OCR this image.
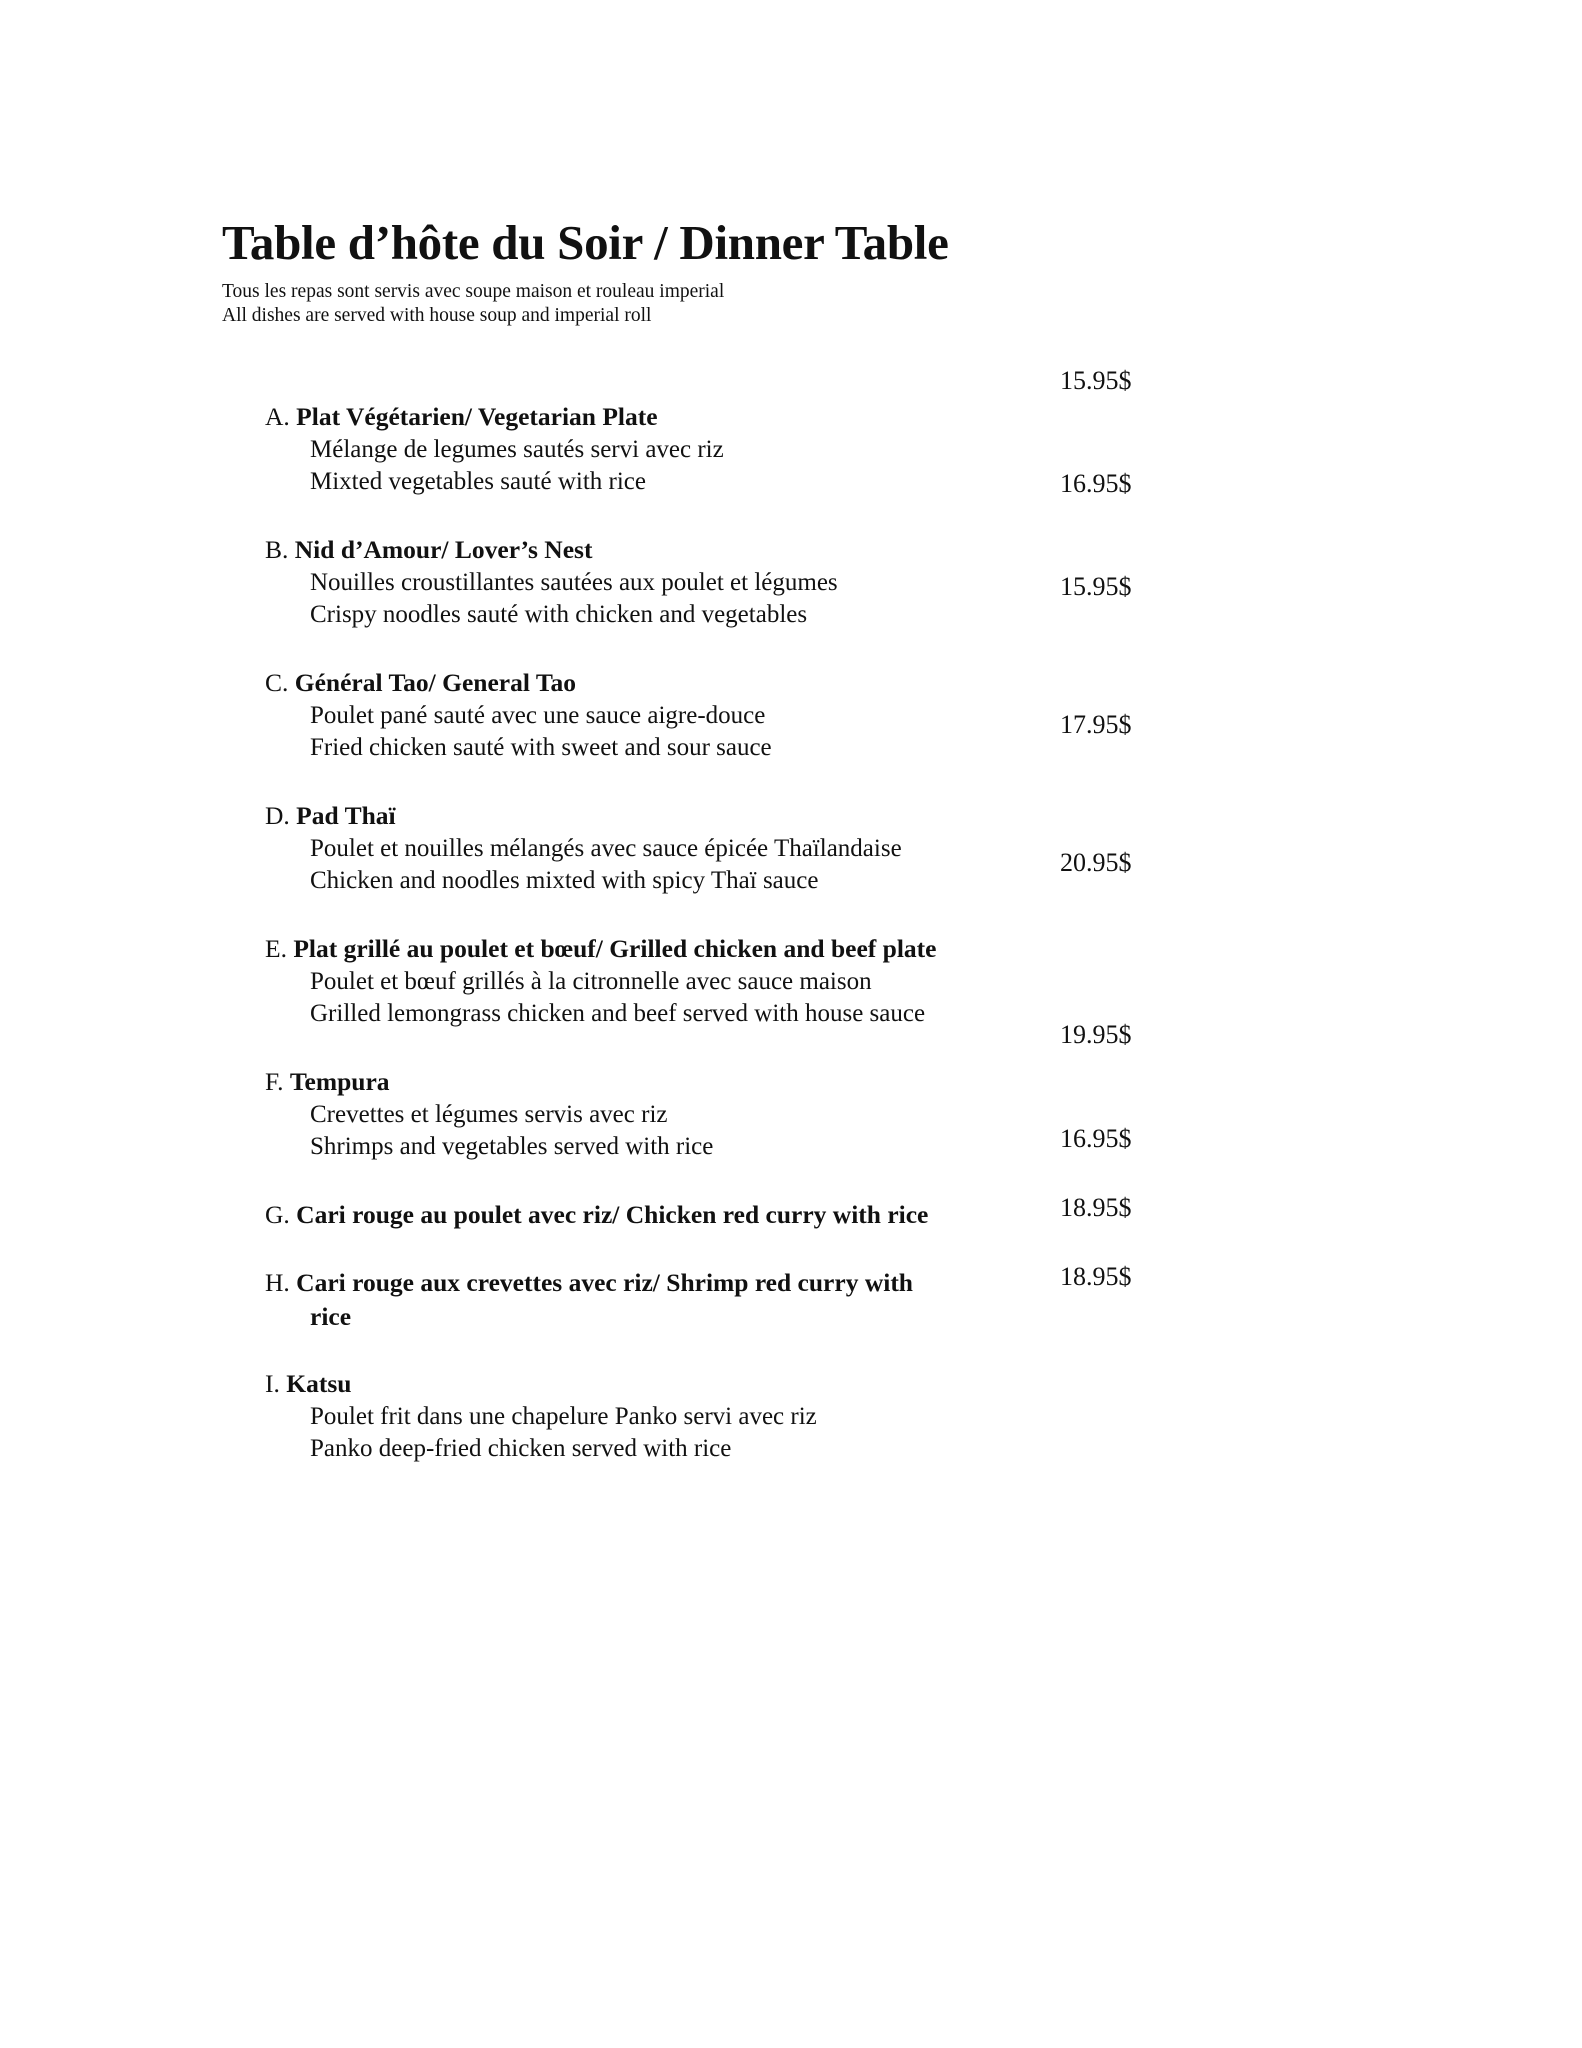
Table d’hôte du Soir / Dinner Table
Tous les repas sont servis avec soupe maison et rouleau imperial
All dishes are served with house soup and imperial roll
A. Plat Végétarien/ Vegetarian Plate
Mélange de legumes sautés servi avec riz
Mixted vegetables sauté with rice
B. Nid d’Amour/ Lover’s Nest
Nouilles croustillantes sautées aux poulet et légumes
Crispy noodles sauté with chicken and vegetables
C. Général Tao/ General Tao
Poulet pané sauté avec une sauce aigre-douce
Fried chicken sauté with sweet and sour sauce
D. Pad Thaï
Poulet et nouilles mélangés avec sauce épicée Thaïlandaise
Chicken and noodles mixted with spicy Thaï sauce
E. Plat grillé au poulet et bœuf/ Grilled chicken and beef plate
Poulet et bœuf grillés à la citronnelle avec sauce maison
Grilled lemongrass chicken and beef served with house sauce
F. Tempura
Crevettes et légumes servis avec riz
Shrimps and vegetables served with rice
G. Cari rouge au poulet avec riz/ Chicken red curry with rice
H. Cari rouge aux crevettes avec riz/ Shrimp red curry with
rice
I. Katsu
Poulet frit dans une chapelure Panko servi avec riz
Panko deep-fried chicken served with rice
15.95$
16.95$
15.95$
17.95$
20.95$
19.95$
16.95$
18.95$
18.95$
